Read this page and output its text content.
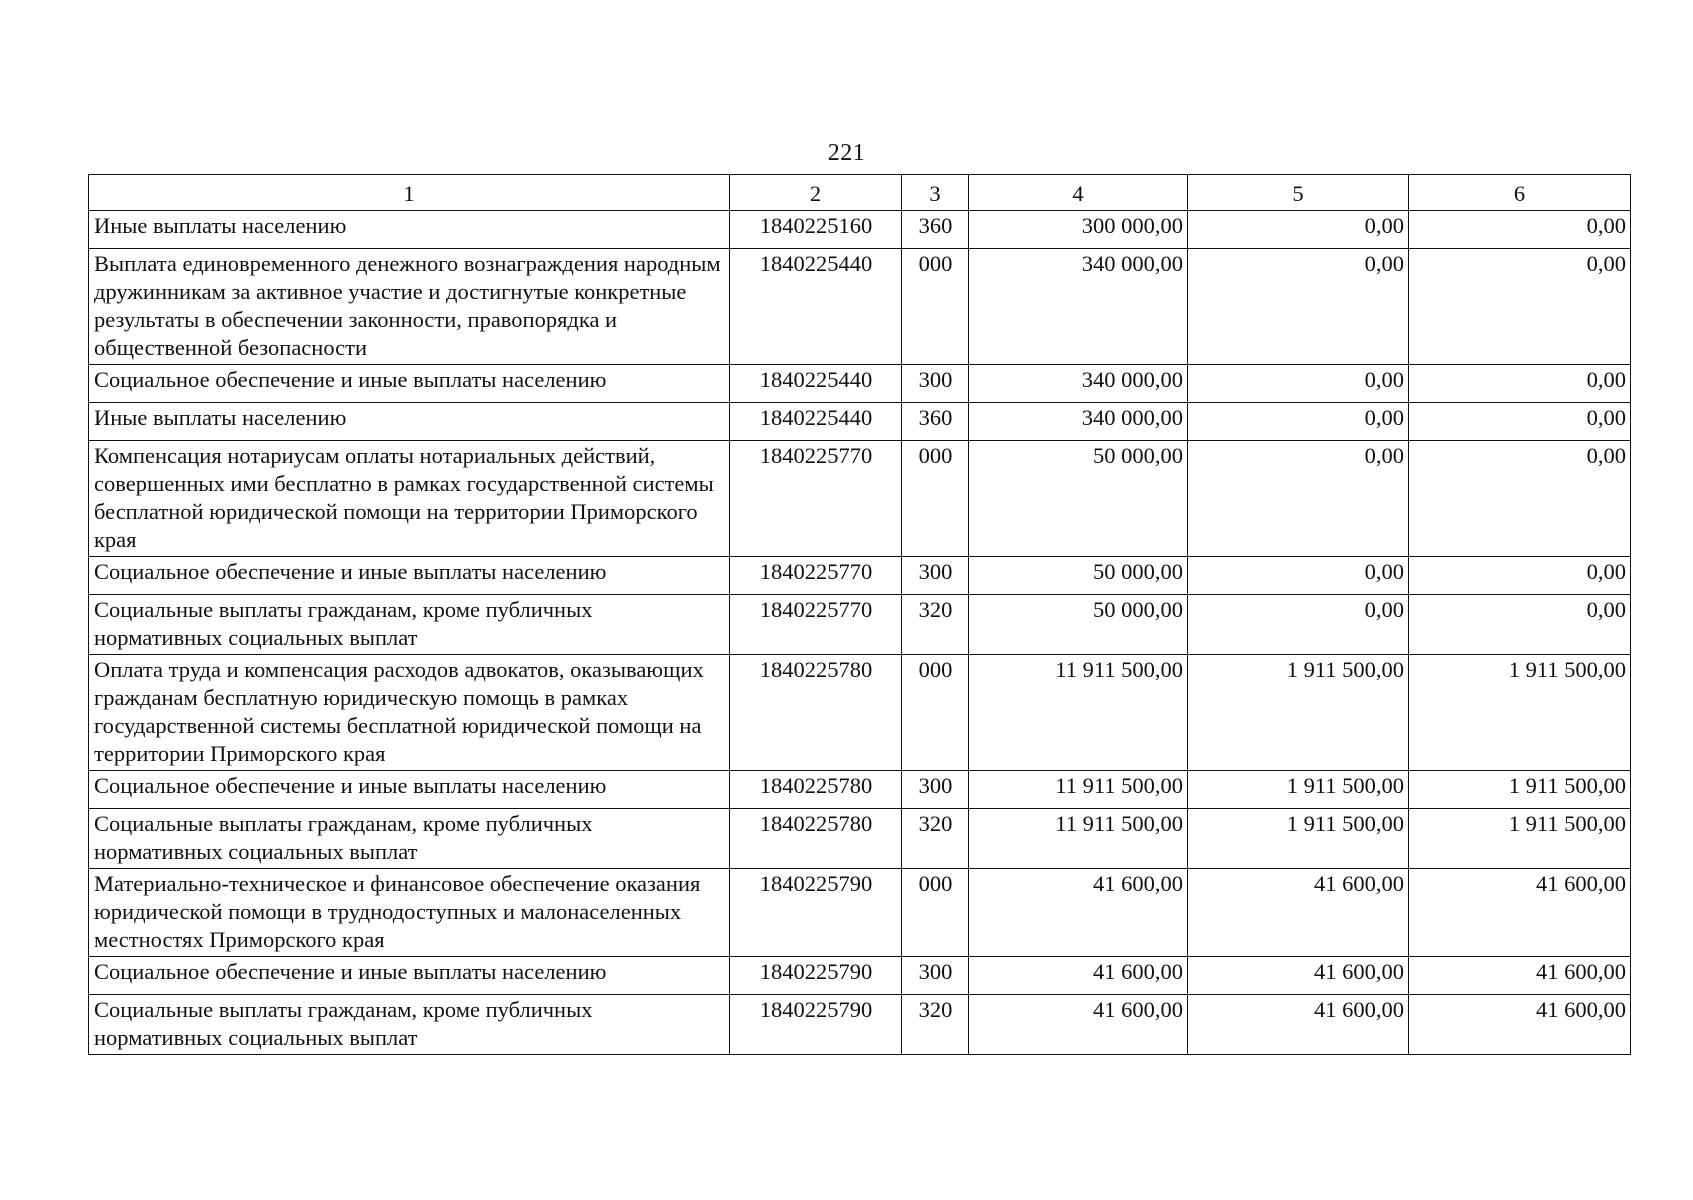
221
1	2	3	4	5	6
Иные выплаты населению	1840225160	360	300 000,00	0,00	0,00
Выплата единовременного денежного вознаграждения народным дружинникам за активное участие и достигнутые конкретные результаты в обеспечении законности, правопорядка и общественной безопасности	1840225440	000	340 000,00	0,00	0,00
Социальное обеспечение и иные выплаты населению	1840225440	300	340 000,00	0,00	0,00
Иные выплаты населению	1840225440	360	340 000,00	0,00	0,00
Компенсация нотариусам оплаты нотариальных действий, совершенных ими бесплатно в рамках государственной системы бесплатной юридической помощи на территории Приморского края	1840225770	000	50 000,00	0,00	0,00
Социальное обеспечение и иные выплаты населению	1840225770	300	50 000,00	0,00	0,00
Социальные выплаты гражданам, кроме публичных нормативных социальных выплат	1840225770	320	50 000,00	0,00	0,00
Оплата труда и компенсация расходов адвокатов, оказывающих гражданам бесплатную юридическую помощь в рамках государственной системы бесплатной юридической помощи на территории Приморского края	1840225780	000	11 911 500,00	1 911 500,00	1 911 500,00
Социальное обеспечение и иные выплаты населению	1840225780	300	11 911 500,00	1 911 500,00	1 911 500,00
Социальные выплаты гражданам, кроме публичных нормативных социальных выплат	1840225780	320	11 911 500,00	1 911 500,00	1 911 500,00
Материально-техническое и финансовое обеспечение оказания юридической помощи в труднодоступных и малонаселенных местностях Приморского края	1840225790	000	41 600,00	41 600,00	41 600,00
Социальное обеспечение и иные выплаты населению	1840225790	300	41 600,00	41 600,00	41 600,00
Социальные выплаты гражданам, кроме публичных нормативных социальных выплат	1840225790	320	41 600,00	41 600,00	41 600,00
